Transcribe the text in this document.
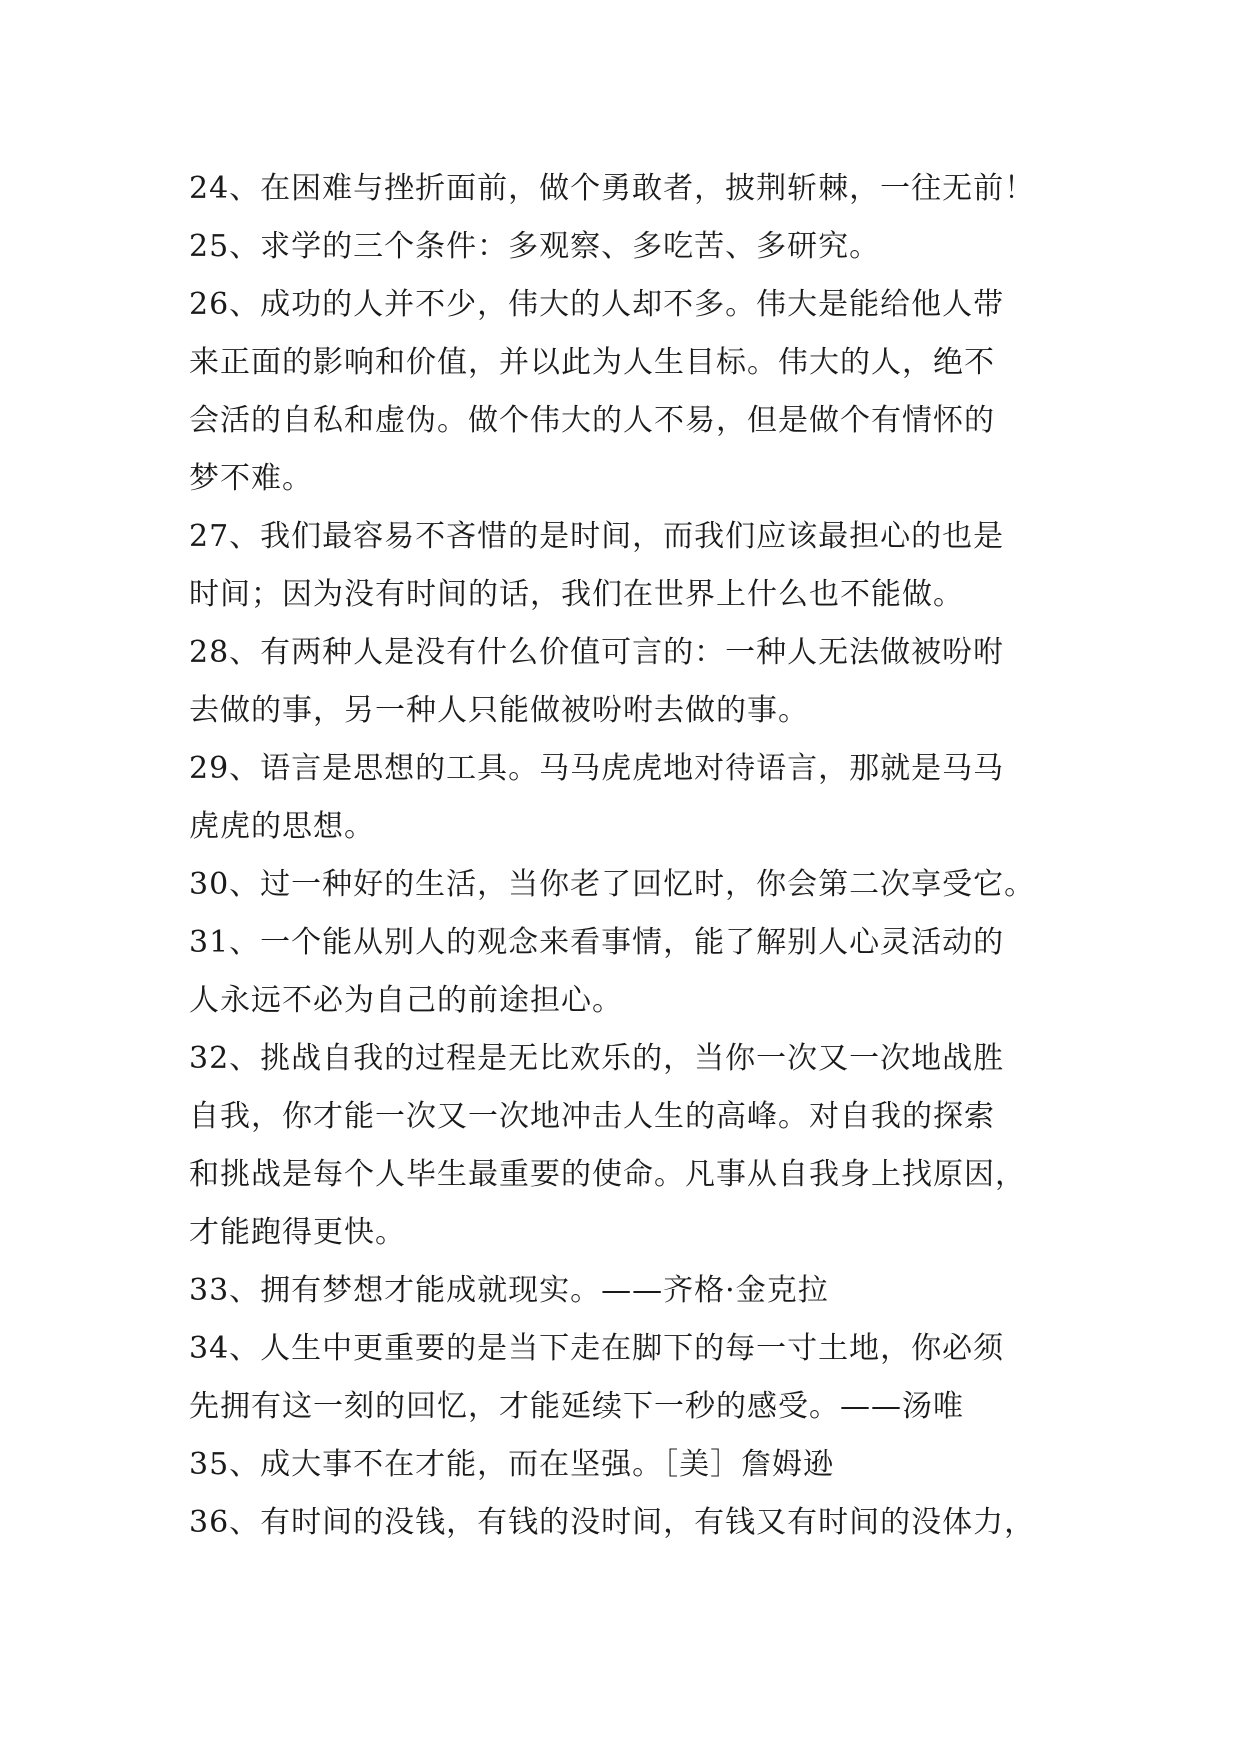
24、在困难与挫折面前，做个勇敢者，披荆斩棘，一往无前！
25、求学的三个条件：多观察、多吃苦、多研究。
26、成功的人并不少，伟大的人却不多。伟大是能给他人带
来正面的影响和价值，并以此为人生目标。伟大的人，绝不
会活的自私和虚伪。做个伟大的人不易，但是做个有情怀的
梦不难。
27、我们最容易不吝惜的是时间，而我们应该最担心的也是
时间；因为没有时间的话，我们在世界上什么也不能做。
28、有两种人是没有什么价值可言的：一种人无法做被吩咐
去做的事，另一种人只能做被吩咐去做的事。
29、语言是思想的工具。马马虎虎地对待语言，那就是马马
虎虎的思想。
30、过一种好的生活，当你老了回忆时，你会第二次享受它。
31、一个能从别人的观念来看事情，能了解别人心灵活动的
人永远不必为自己的前途担心。
32、挑战自我的过程是无比欢乐的，当你一次又一次地战胜
自我，你才能一次又一次地冲击人生的高峰。对自我的探索
和挑战是每个人毕生最重要的使命。凡事从自我身上找原因，
才能跑得更快。
33、拥有梦想才能成就现实。——齐格·金克拉
34、人生中更重要的是当下走在脚下的每一寸土地，你必须
先拥有这一刻的回忆，才能延续下一秒的感受。——汤唯
35、成大事不在才能，而在坚强。［美］詹姆逊
36、有时间的没钱，有钱的没时间，有钱又有时间的没体力，
